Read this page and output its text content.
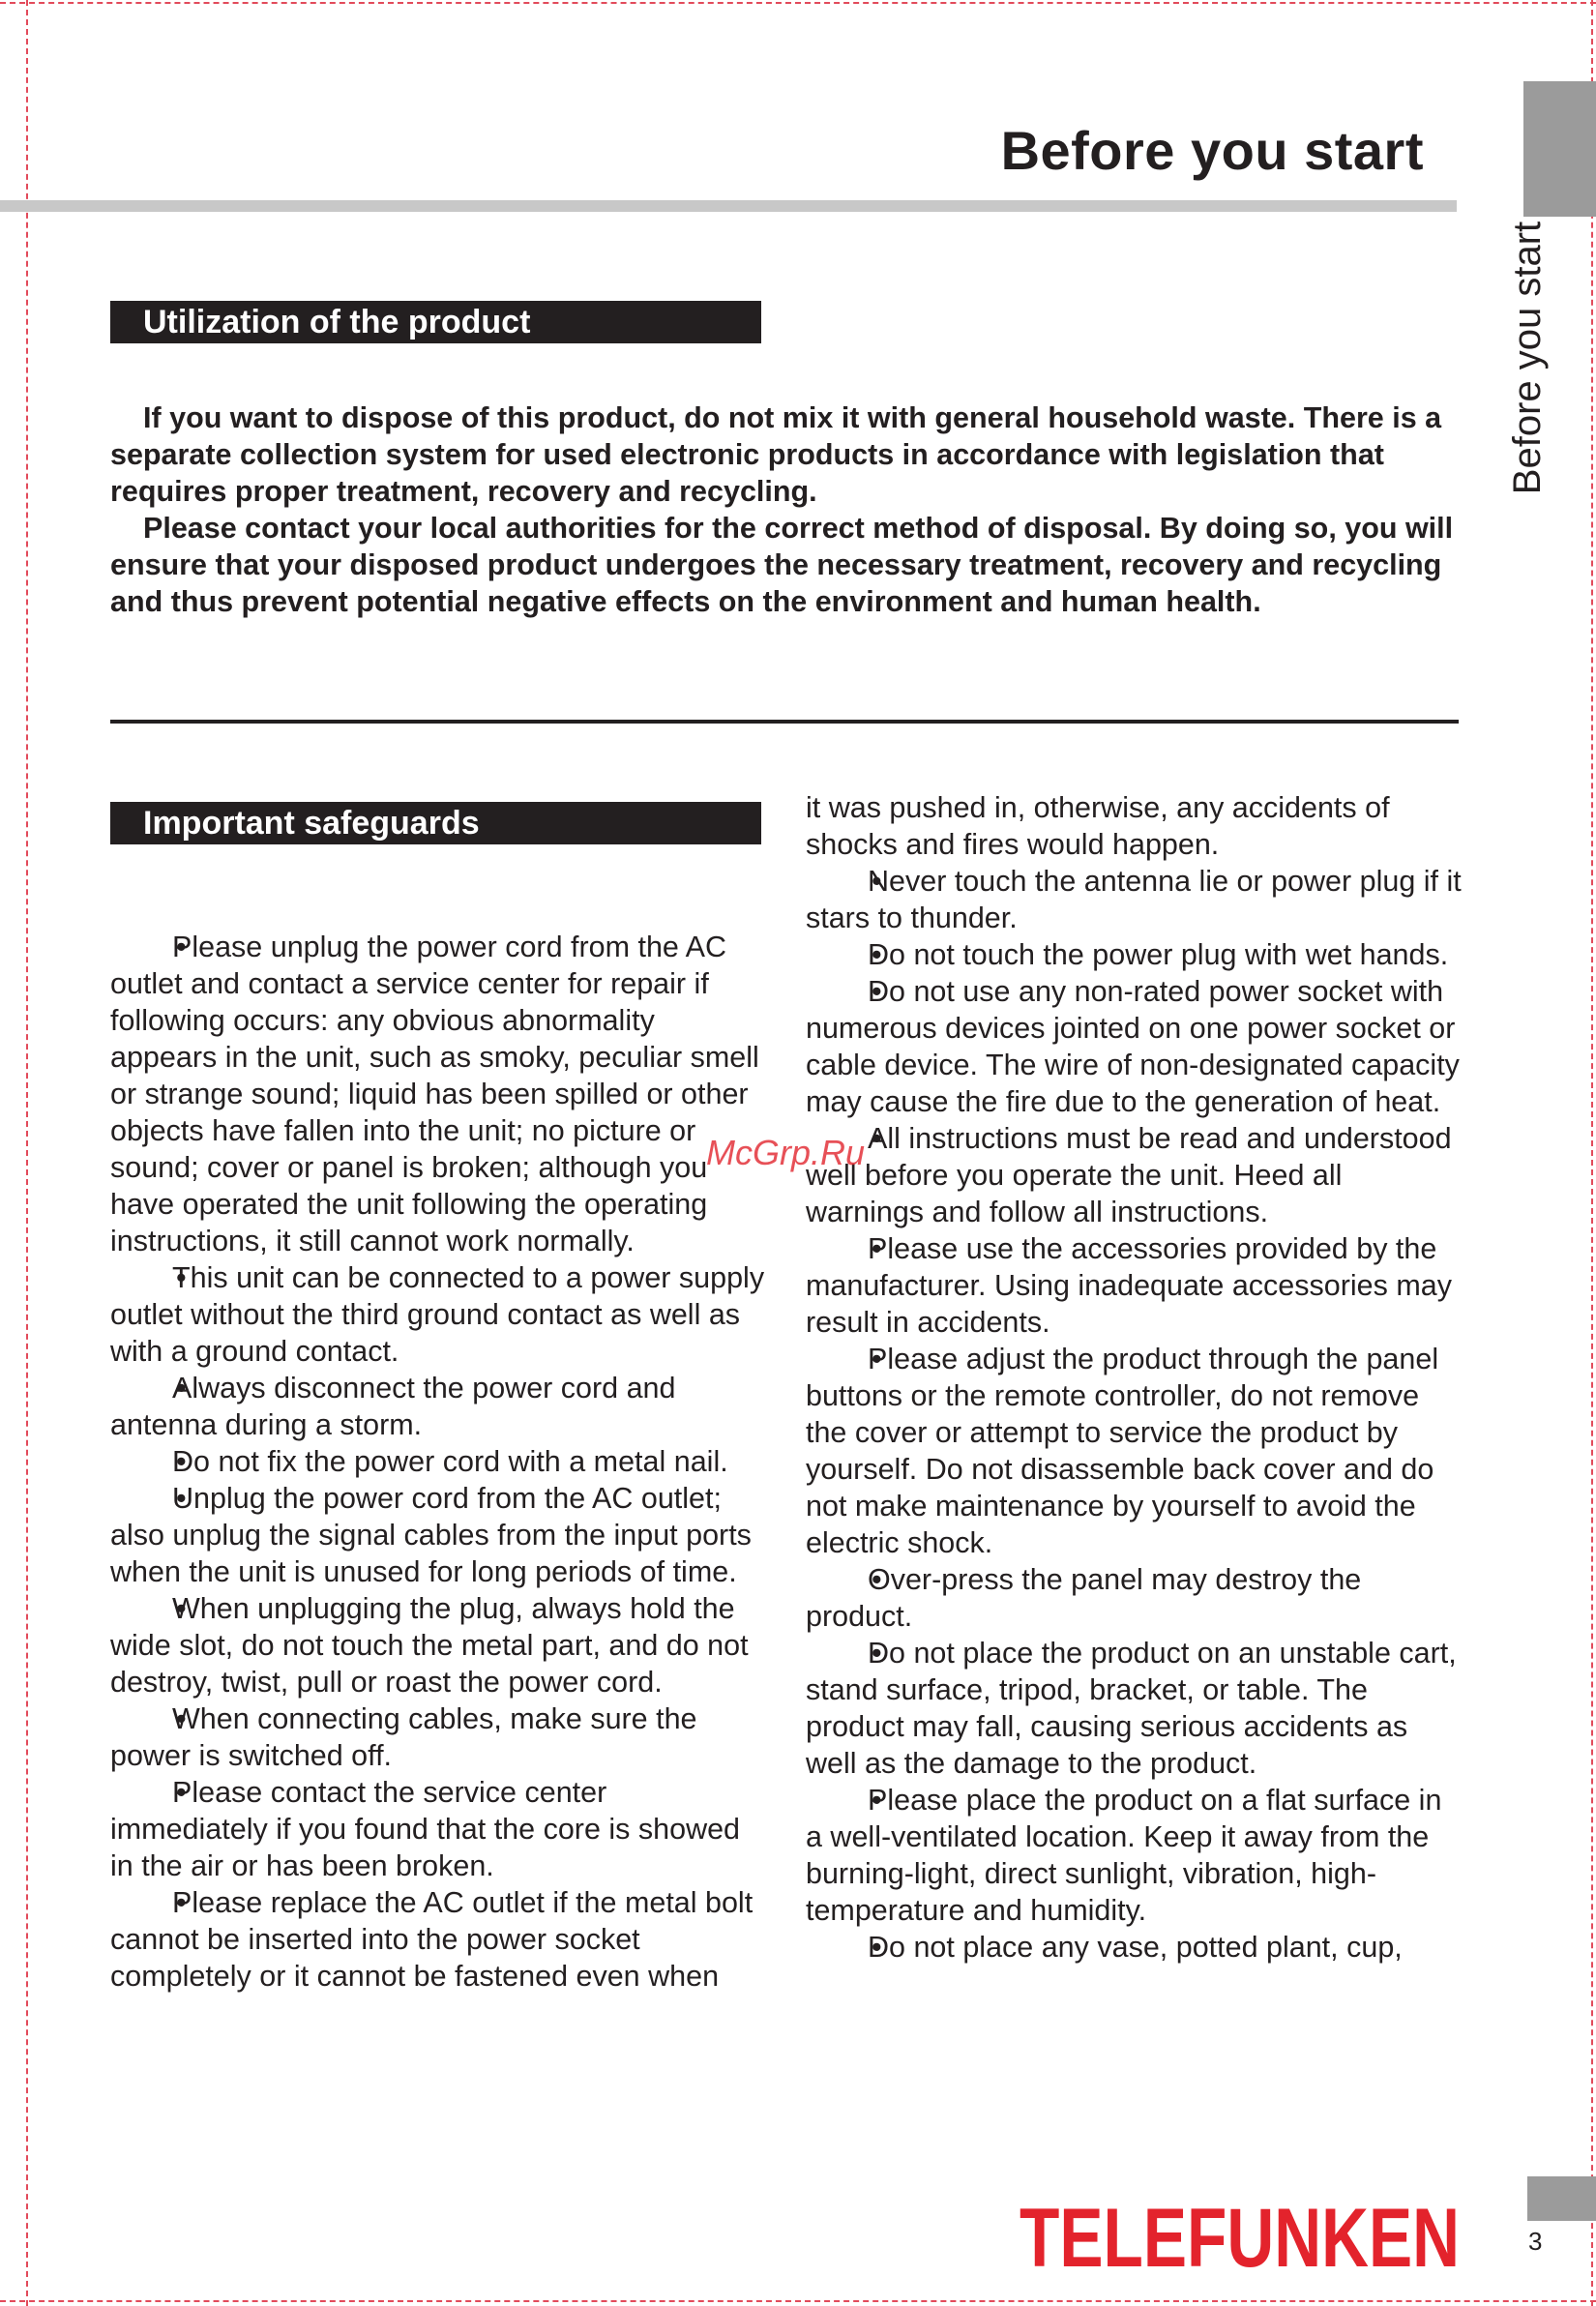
Before you start
Before you start
Utilization of the product

If you want to dispose of this product, do not mix it with general household waste. There is a separate collection system for used electronic products in accordance with legislation that requires proper treatment, recovery and recycling.

Please contact your local authorities for the correct method of disposal. By doing so, you will ensure that your disposed product undergoes the necessary treatment, recovery and recycling and thus prevent potential negative effects on the environment and human health.

Important safeguards

• Please unplug the power cord from the AC outlet and contact a service center for repair if following occurs: any obvious abnormality appears in the unit, such as smoky, peculiar smell or strange sound; liquid has been spilled or other objects have fallen into the unit; no picture or sound; cover or panel is broken; although you have operated the unit following the operating instructions, it still cannot work normally.

• This unit can be connected to a power supply outlet without the third ground contact as well as with a ground contact.

• Always disconnect the power cord and antenna during a storm.

• Do not fix the power cord with a metal nail.

• Unplug the power cord from the AC outlet; also unplug the signal cables from the input ports when the unit is unused for long periods of time.

• When unplugging the plug, always hold the wide slot, do not touch the metal part, and do not destroy, twist, pull or roast the power cord.

• When connecting cables, make sure the power is switched off.

• Please contact the service center immediately if you found that the core is showed in the air or has been broken.

• Please replace the AC outlet if the metal bolt cannot be inserted into the power socket completely or it cannot be fastened even when

it was pushed in, otherwise, any accidents of shocks and fires would happen.

• Never touch the antenna lie or power plug if it stars to thunder.

• Do not touch the power plug with wet hands.

• Do not use any non-rated power socket with numerous devices jointed on one power socket or cable device. The wire of non-designated capacity may cause the fire due to the generation of heat.

• All instructions must be read and understood well before you operate the unit. Heed all warnings and follow all instructions.

• Please use the accessories provided by the manufacturer. Using inadequate accessories may result in accidents.

• Please adjust the product through the panel buttons or the remote controller, do not remove the cover or attempt to service the product by yourself. Do not disassemble back cover and do not make maintenance by yourself to avoid the electric shock.

• Over-press the panel may destroy the product.

• Do not place the product on an unstable cart, stand surface, tripod, bracket, or table. The product may fall, causing serious accidents as well as the damage to the product.

• Please place the product on a flat surface in a well-ventilated location. Keep it away from the burning-light, direct sunlight, vibration, high-temperature and humidity.

• Do not place any vase, potted plant, cup,

McGrp.Ru
TELEFUNKEN	3
